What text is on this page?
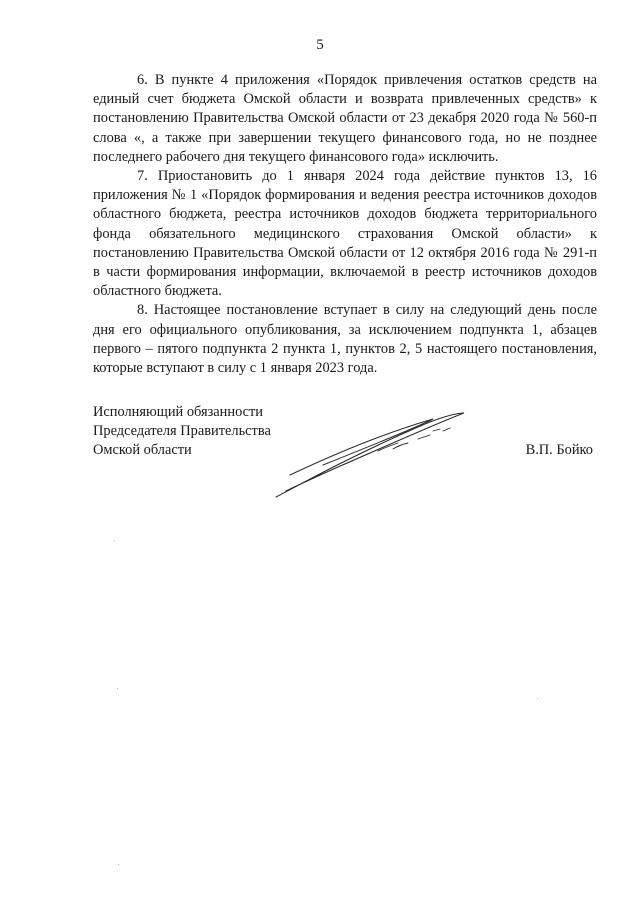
5

6. В пункте 4 приложения «Порядок привлечения остатков средств на единый счет бюджета Омской области и возврата привлеченных средств» к постановлению Правительства Омской области от 23 декабря 2020 года № 560-п слова «, а также при завершении текущего финансового года, но не позднее последнего рабочего дня текущего финансового года» исключить.

7. Приостановить до 1 января 2024 года действие пунктов 13, 16 приложения № 1 «Порядок формирования и ведения реестра источников доходов областного бюджета, реестра источников доходов бюджета территориального фонда обязательного медицинского страхования Омской области» к постановлению Правительства Омской области от 12 октября 2016 года № 291-п в части формирования информации, включаемой в реестр источников доходов областного бюджета.

8. Настоящее постановление вступает в силу на следующий день после дня его официального опубликования, за исключением подпункта 1, абзацев первого – пятого подпункта 2 пункта 1, пунктов 2, 5 настоящего постановления, которые вступают в силу с 1 января 2023 года.

Исполняющий обязанности
Председателя Правительства
Омской области	В.П. Бойко
